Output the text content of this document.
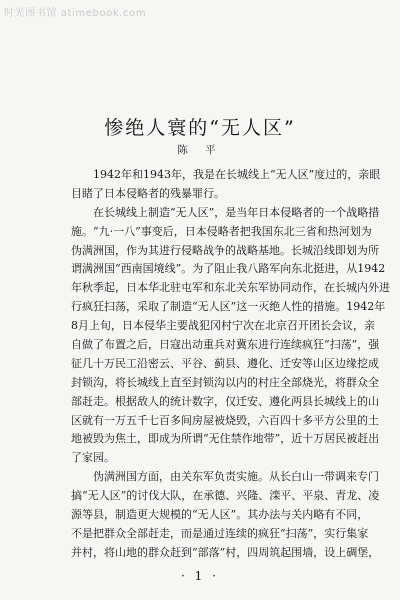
时光图书馆 atimebook.com
惨绝人寰的“无人区”
陈 平
1942年和1943年，我是在长城线上“无人区”度过的，亲眼
目睹了日本侵略者的残暴罪行。
在长城线上制造“无人区”，是当年日本侵略者的一个战略措
施。“九·一八”事变后，日本侵略者把我国东北三省和热河划为
伪满洲国，作为其进行侵略战争的战略基地。长城沿线即划为所
谓满洲国“西南国境线”。为了阻止我八路军向东北挺进，从1942
年秋季起，日本华北驻屯军和东北关东军协同动作，在长城内外进
行疯狂扫荡，采取了制造“无人区”这一灭绝人性的措施。1942年
8月上旬，日本侵华主要战犯冈村宁次在北京召开团长会议，亲
自做了布置之后，日寇出动重兵对冀东进行连续疯狂“扫荡”，强
征几十万民工沿密云、平谷、蓟县、遵化、迁安等山区边缘挖成
封锁沟，将长城线上直至封锁沟以内的村庄全部烧光，将群众全
部赶走。根据敌人的统计数字，仅迁安、遵化两县长城线上的山
区就有一万五千七百多间房屋被烧毁，六百四十多平方公里的土
地被毁为焦土，即成为所谓“无住禁作地带”，近十万居民被赶出
了家园。
伪满洲国方面，由关东军负责实施。从长白山一带调来专门
搞“无人区”的讨伐大队，在承德、兴隆、滦平、平泉、青龙、凌
源等县，制造更大规模的“无人区”。其办法与关内略有不同，
不是把群众全部赶走，而是通过连续的疯狂“扫荡”，实行集家
并村，将山地的群众赶到“部落”村，四周筑起围墙，设上碉堡，
· 1 ·
